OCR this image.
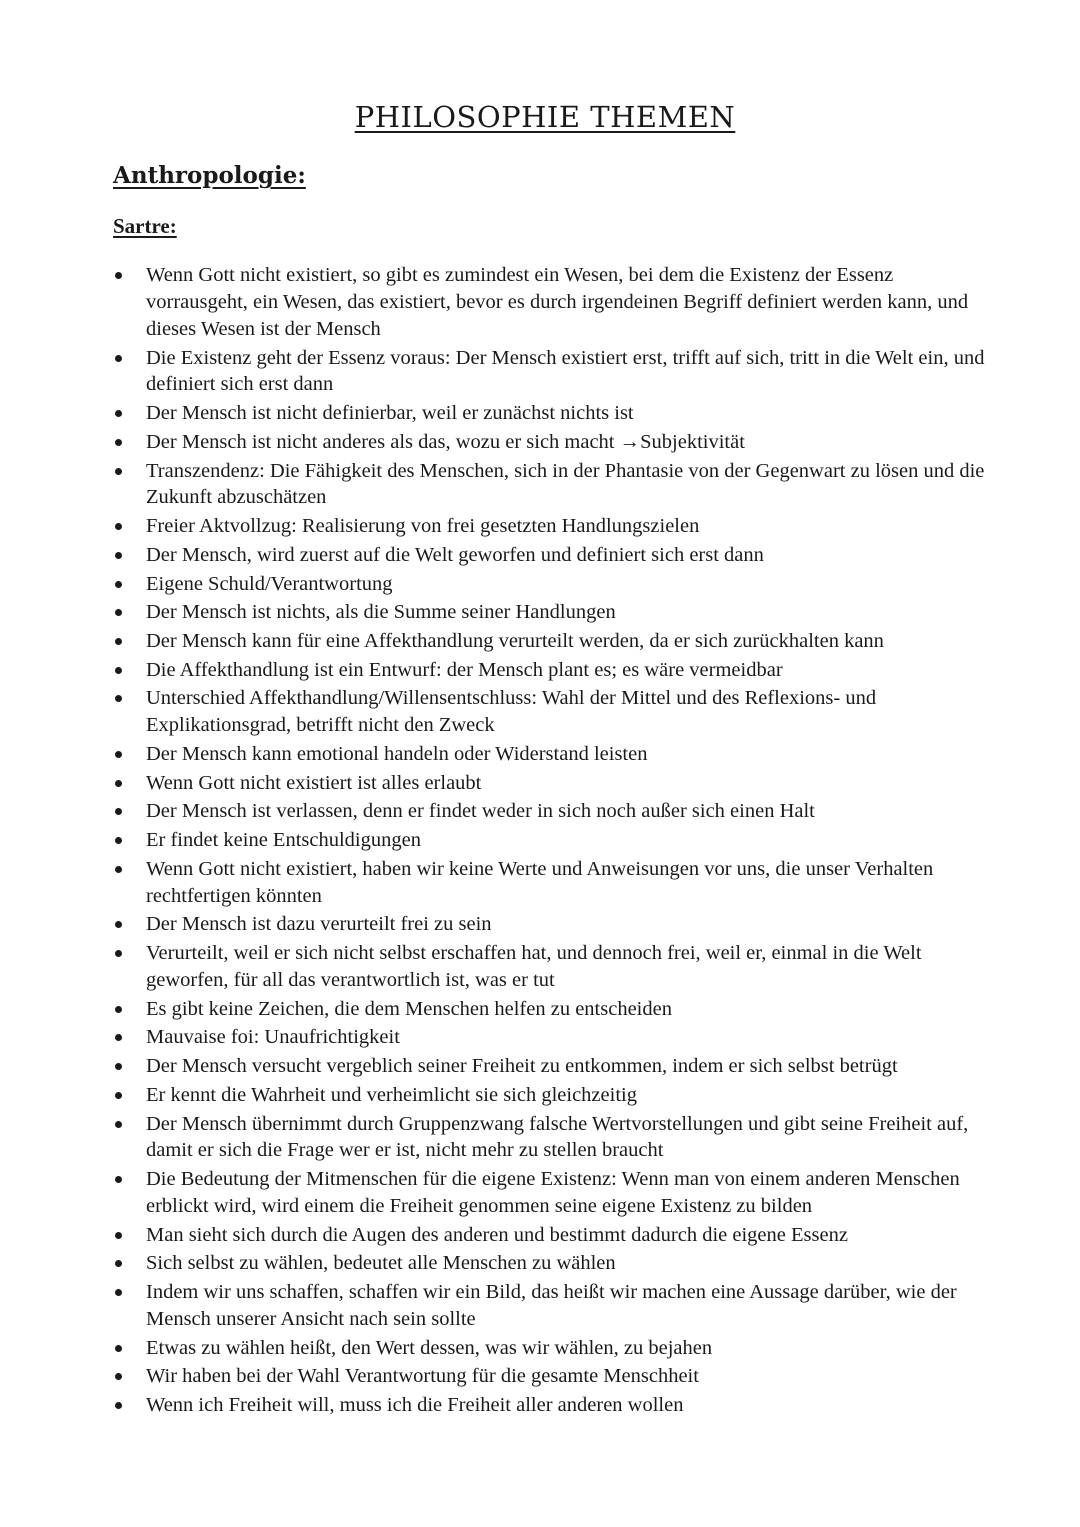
PHILOSOPHIE THEMEN
Anthropologie:
Sartre:
Wenn Gott nicht existiert, so gibt es zumindest ein Wesen, bei dem die Existenz der Essenz vorrausgeht, ein Wesen, das existiert, bevor es durch irgendeinen Begriff definiert werden kann, und dieses Wesen ist der Mensch
Die Existenz geht der Essenz voraus: Der Mensch existiert erst, trifft auf sich, tritt in die Welt ein, und definiert sich erst dann
Der Mensch ist nicht definierbar, weil er zunächst nichts ist
Der Mensch ist nicht anderes als das, wozu er sich macht →Subjektivität
Transzendenz: Die Fähigkeit des Menschen, sich in der Phantasie von der Gegenwart zu lösen und die Zukunft abzuschätzen
Freier Aktvollzug: Realisierung von frei gesetzten Handlungszielen
Der Mensch, wird zuerst auf die Welt geworfen und definiert sich erst dann
Eigene Schuld/Verantwortung
Der Mensch ist nichts, als die Summe seiner Handlungen
Der Mensch kann für eine Affekthandlung verurteilt werden, da er sich zurückhalten kann
Die Affekthandlung ist ein Entwurf: der Mensch plant es; es wäre vermeidbar
Unterschied Affekthandlung/Willensentschluss: Wahl der Mittel und des Reflexions- und Explikationsgrad, betrifft nicht den Zweck
Der Mensch kann emotional handeln oder Widerstand leisten
Wenn Gott nicht existiert ist alles erlaubt
Der Mensch ist verlassen, denn er findet weder in sich noch außer sich einen Halt
Er findet keine Entschuldigungen
Wenn Gott nicht existiert, haben wir keine Werte und Anweisungen vor uns, die unser Verhalten rechtfertigen könnten
Der Mensch ist dazu verurteilt frei zu sein
Verurteilt, weil er sich nicht selbst erschaffen hat, und dennoch frei, weil er, einmal in die Welt geworfen, für all das verantwortlich ist, was er tut
Es gibt keine Zeichen, die dem Menschen helfen zu entscheiden
Mauvaise foi: Unaufrichtigkeit
Der Mensch versucht vergeblich seiner Freiheit zu entkommen, indem er sich selbst betrügt
Er kennt die Wahrheit und verheimlicht sie sich gleichzeitig
Der Mensch übernimmt durch Gruppenzwang falsche Wertvorstellungen und gibt seine Freiheit auf, damit er sich die Frage wer er ist, nicht mehr zu stellen braucht
Die Bedeutung der Mitmenschen für die eigene Existenz: Wenn man von einem anderen Menschen erblickt wird, wird einem die Freiheit genommen seine eigene Existenz zu bilden
Man sieht sich durch die Augen des anderen und bestimmt dadurch die eigene Essenz
Sich selbst zu wählen, bedeutet alle Menschen zu wählen
Indem wir uns schaffen, schaffen wir ein Bild, das heißt wir machen eine Aussage darüber, wie der Mensch unserer Ansicht nach sein sollte
Etwas zu wählen heißt, den Wert dessen, was wir wählen, zu bejahen
Wir haben bei der Wahl Verantwortung für die gesamte Menschheit
Wenn ich Freiheit will, muss ich die Freiheit aller anderen wollen
